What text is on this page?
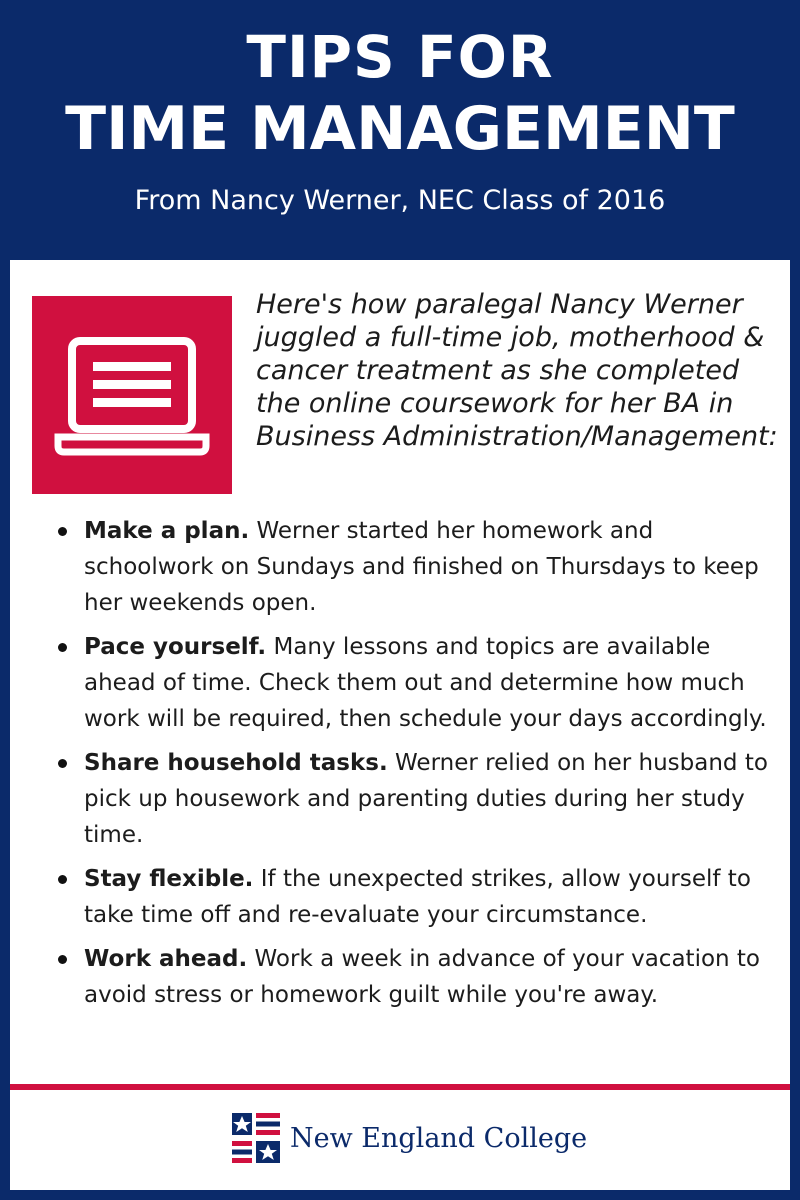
TIPS FOR
TIME MANAGEMENT
From Nancy Werner, NEC Class of 2016
Here's how paralegal Nancy Werner juggled a full-time job, motherhood & cancer treatment as she completed the online coursework for her BA in Business Administration/Management:
Make a plan. Werner started her homework and schoolwork on Sundays and finished on Thursdays to keep her weekends open.
Pace yourself. Many lessons and topics are available ahead of time. Check them out and determine how much work will be required, then schedule your days accordingly.
Share household tasks. Werner relied on her husband to pick up housework and parenting duties during her study time.
Stay flexible. If the unexpected strikes, allow yourself to take time off and re-evaluate your circumstance.
Work ahead. Work a week in advance of your vacation to avoid stress or homework guilt while you're away.
New England College
